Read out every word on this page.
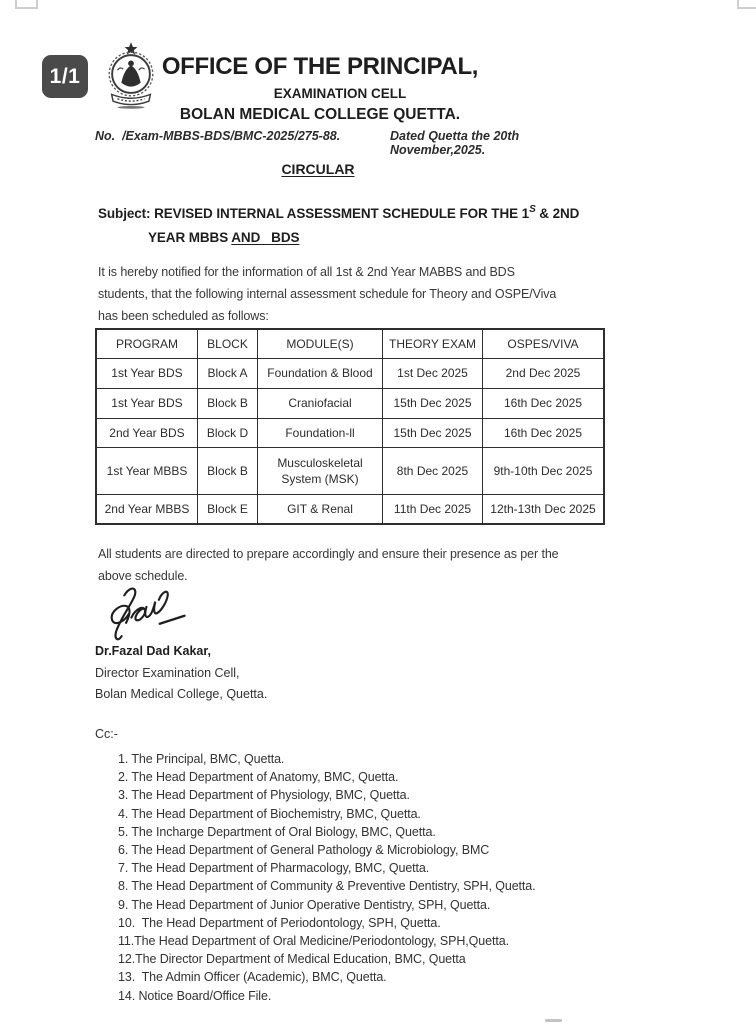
1/1	OFFICE OF THE PRINCIPAL,
EXAMINATION CELL
BOLAN MEDICAL COLLEGE QUETTA.
No.  /Exam-MBBS-BDS/BMC-2025/275-88.	Dated Quetta the 20th November,2025.
CIRCULAR
Subject: REVISED INTERNAL ASSESSMENT SCHEDULE FOR THE $1^S$ & 2ND
YEAR MBBS AND   BDS
It is hereby notified for the information of all 1st & 2nd Year MABBS and BDS students, that the following internal assessment schedule for Theory and OSPE/Viva has been scheduled as follows:
PROGRAM	BLOCK	MODULE(S)	THEORY EXAM	OSPES/VIVA
1st Year BDS	Block A	Foundation & Blood	1st Dec 2025	2nd Dec 2025
1st Year BDS	Block B	Craniofacial	15th Dec 2025	16th Dec 2025
2nd Year BDS	Block D	Foundation-ll	15th Dec 2025	16th Dec 2025
1st Year MBBS	Block B	Musculoskeletal System (MSK)	8th Dec 2025	9th-10th Dec 2025
2nd Year MBBS	Block E	GIT & Renal	11th Dec 2025	12th-13th Dec 2025
All students are directed to prepare accordingly and ensure their presence as per the above schedule.
Dr.Fazal Dad Kakar,
Director Examination Cell,
Bolan Medical College, Quetta.
Cc:-
1. The Principal, BMC, Quetta.
2. The Head Department of Anatomy, BMC, Quetta.
3. The Head Department of Physiology, BMC, Quetta.
4. The Head Department of Biochemistry, BMC, Quetta.
5. The Incharge Department of Oral Biology, BMC, Quetta.
6. The Head Department of General Pathology & Microbiology, BMC
7. The Head Department of Pharmacology, BMC, Quetta.
8. The Head Department of Community & Preventive Dentistry, SPH, Quetta.
9. The Head Department of Junior Operative Dentistry, SPH, Quetta.
10.  The Head Department of Periodontology, SPH, Quetta.
11.The Head Department of Oral Medicine/Periodontology, SPH,Quetta.
12.The Director Department of Medical Education, BMC, Quetta
13.  The Admin Officer (Academic), BMC, Quetta.
14. Notice Board/Office File.
